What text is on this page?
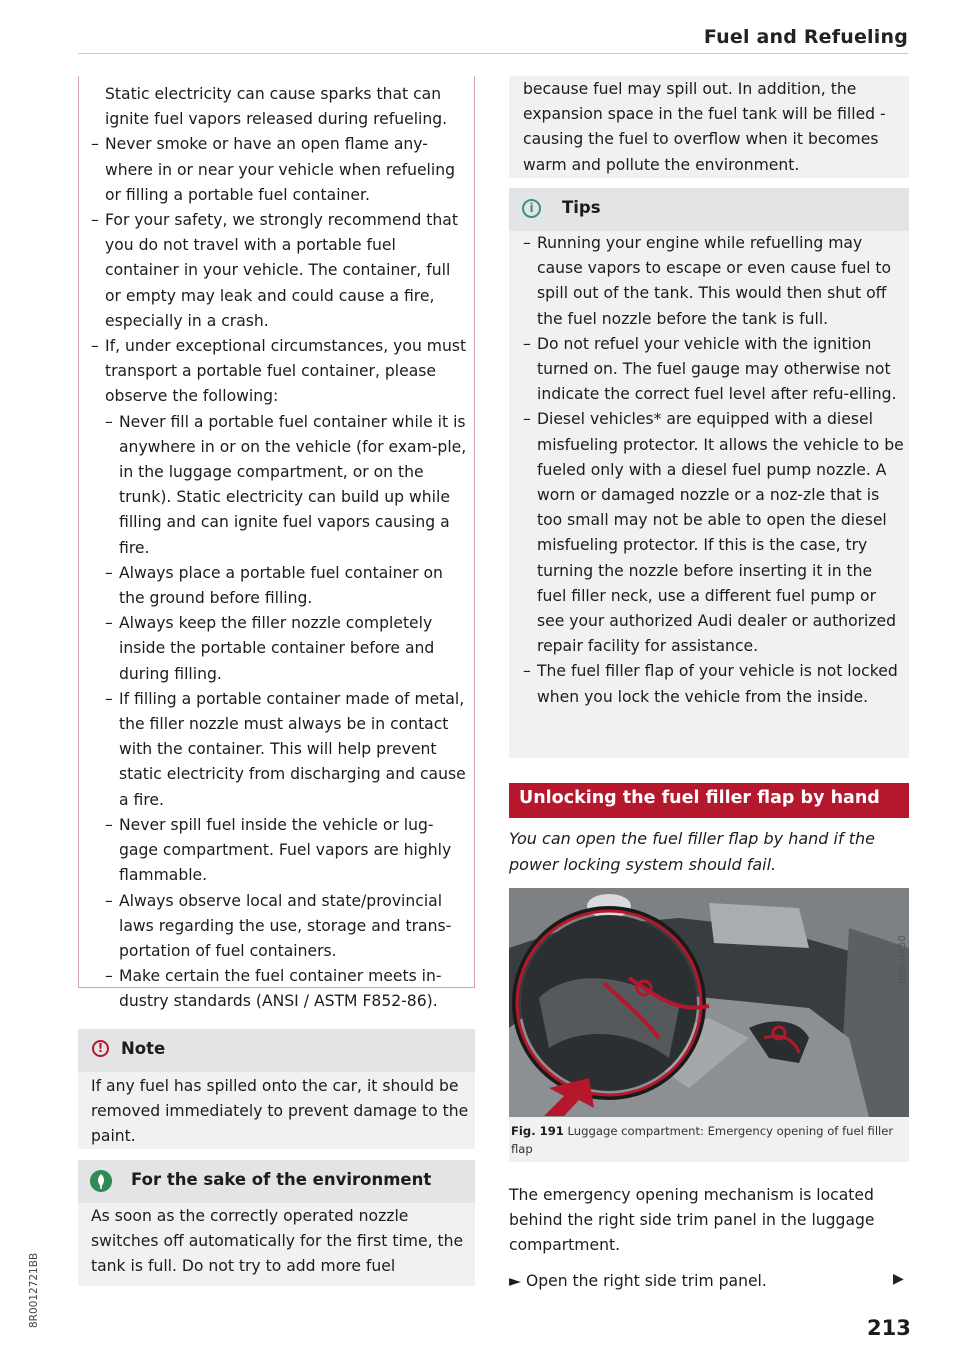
Fuel and Refueling
Static electricity can cause sparks that can ignite fuel vapors released during refueling.
– Never smoke or have an open flame any-where in or near your vehicle when refueling or filling a portable fuel container.
– For your safety, we strongly recommend that you do not travel with a portable fuel container in your vehicle. The container, full or empty may leak and could cause a fire, especially in a crash.
– If, under exceptional circumstances, you must transport a portable fuel container, please observe the following:
– Never fill a portable fuel container while it is anywhere in or on the vehicle (for exam-ple, in the luggage compartment, or on the trunk). Static electricity can build up while filling and can ignite fuel vapors causing a fire.
– Always place a portable fuel container on the ground before filling.
– Always keep the filler nozzle completely inside the portable container before and during filling.
– If filling a portable container made of metal, the filler nozzle must always be in contact with the container. This will help prevent static electricity from discharging and cause a fire.
– Never spill fuel inside the vehicle or lug-gage compartment. Fuel vapors are highly flammable.
– Always observe local and state/provincial laws regarding the use, storage and trans-portation of fuel containers.
– Make certain the fuel container meets in-dustry standards (ANSI / ASTM F852-86).
!	Note
If any fuel has spilled onto the car, it should be removed immediately to prevent damage to the paint.
For the sake of the environment
As soon as the correctly operated nozzle switches off automatically for the first time, the tank is full. Do not try to add more fuel
because fuel may spill out. In addition, the expansion space in the fuel tank will be filled - causing the fuel to overflow when it becomes warm and pollute the environment.
i	Tips
– Running your engine while refuelling may cause vapors to escape or even cause fuel to spill out of the tank. This would then shut off the fuel nozzle before the tank is full.
– Do not refuel your vehicle with the ignition turned on. The fuel gauge may otherwise not indicate the correct fuel level after refu-elling.
– Diesel vehicles* are equipped with a diesel misfueling protector. It allows the vehicle to be fueled only with a diesel fuel pump nozzle. A worn or damaged nozzle or a noz-zle that is too small may not be able to open the diesel misfueling protector. If this is the case, try turning the nozzle before inserting it in the fuel filler neck, use a different fuel pump or see your authorized Audi dealer or authorized repair facility for assistance.
– The fuel filler flap of your vehicle is not locked when you lock the vehicle from the inside.
Unlocking the fuel filler flap by hand
You can open the fuel filler flap by hand if the power locking system should fail.
B8R-0450
Fig. 191 Luggage compartment: Emergency opening of fuel filler flap
The emergency opening mechanism is located behind the right side trim panel in the luggage compartment.
► Open the right side trim panel.	▶
213
8R0012721BB
